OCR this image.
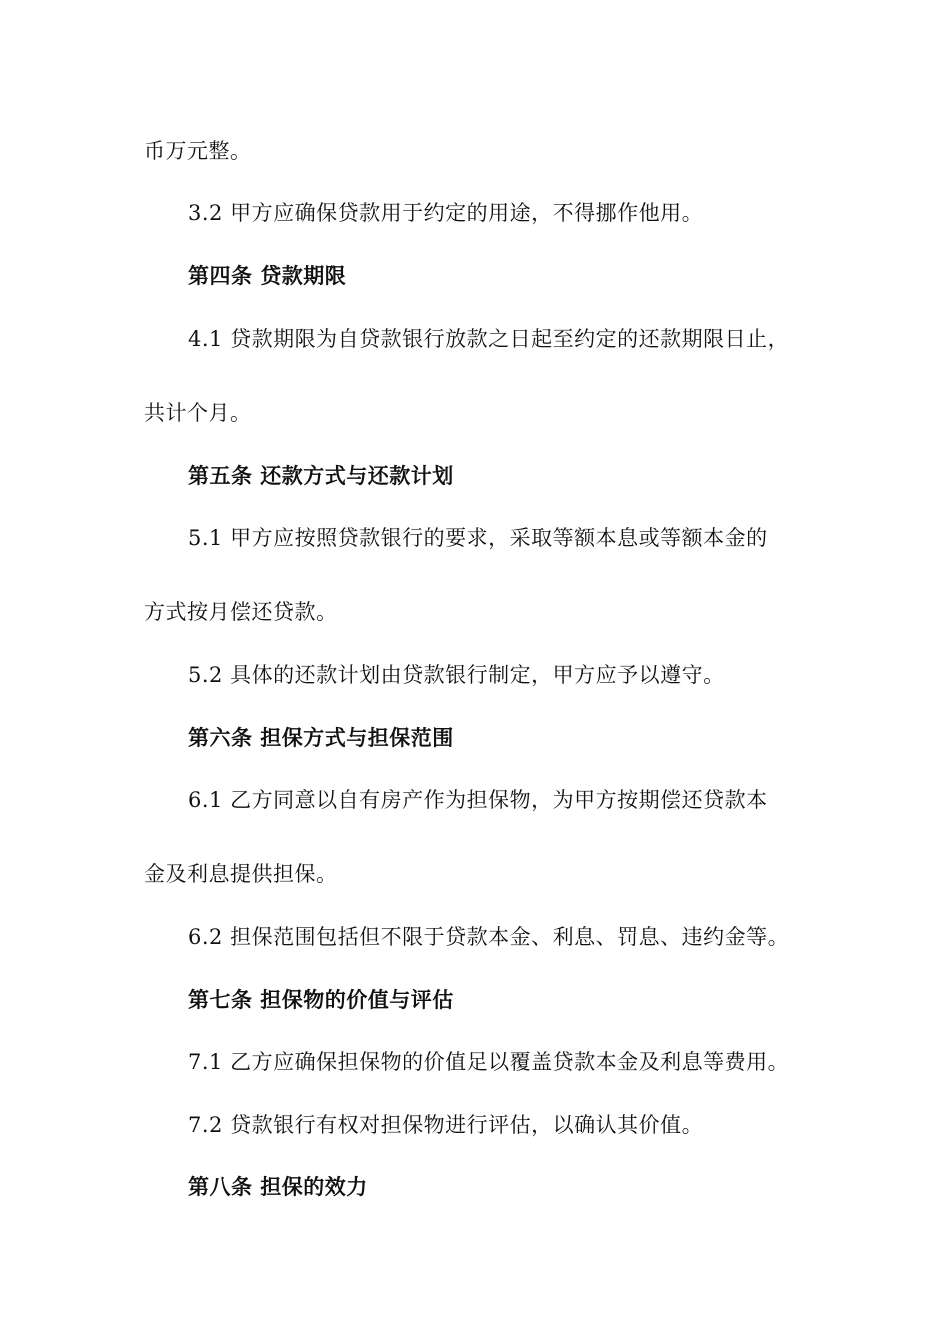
币万元整。
3.2 甲方应确保贷款用于约定的用途，不得挪作他用。
第四条 贷款期限
4.1 贷款期限为自贷款银行放款之日起至约定的还款期限日止，
共计个月。
第五条 还款方式与还款计划
5.1 甲方应按照贷款银行的要求，采取等额本息或等额本金的
方式按月偿还贷款。
5.2 具体的还款计划由贷款银行制定，甲方应予以遵守。
第六条 担保方式与担保范围
6.1 乙方同意以自有房产作为担保物，为甲方按期偿还贷款本
金及利息提供担保。
6.2 担保范围包括但不限于贷款本金、利息、罚息、违约金等。
第七条 担保物的价值与评估
7.1 乙方应确保担保物的价值足以覆盖贷款本金及利息等费用。
7.2 贷款银行有权对担保物进行评估，以确认其价值。
第八条 担保的效力
